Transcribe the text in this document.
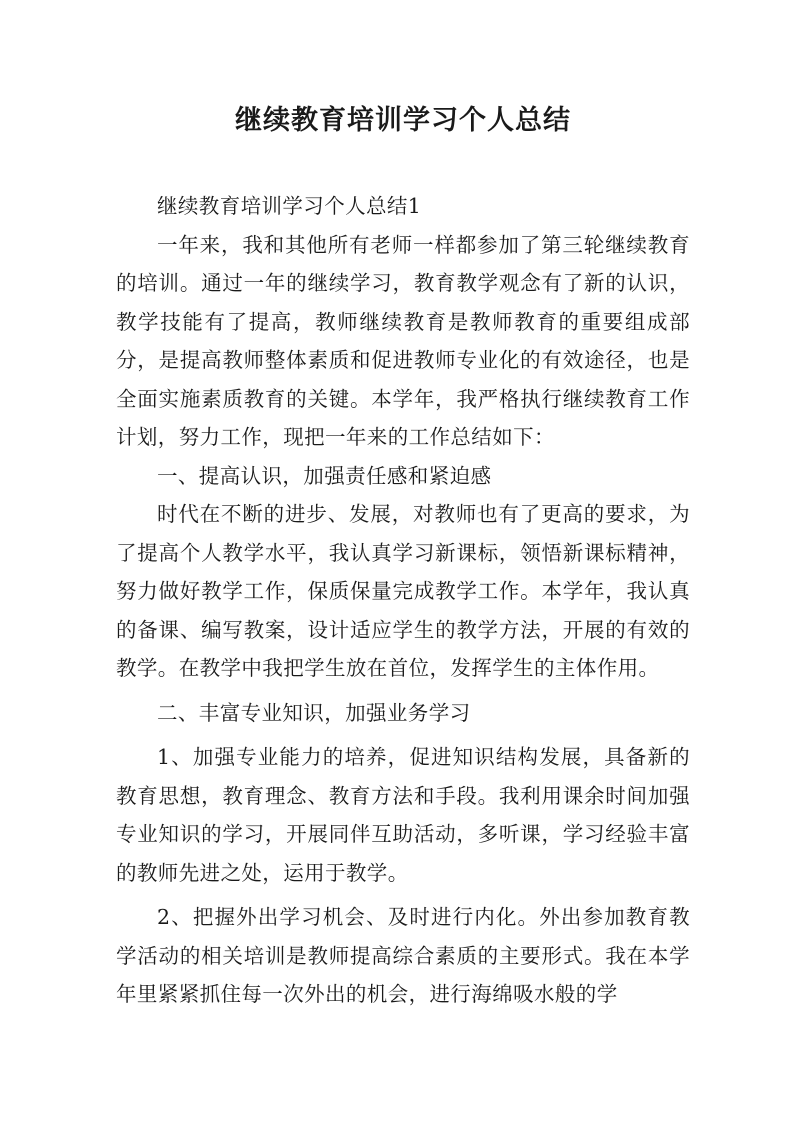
继续教育培训学习个人总结

继续教育培训学习个人总结1

一年来，我和其他所有老师一样都参加了第三轮继续教育的培训。通过一年的继续学习，教育教学观念有了新的认识，教学技能有了提高，教师继续教育是教师教育的重要组成部分，是提高教师整体素质和促进教师专业化的有效途径，也是全面实施素质教育的关键。本学年，我严格执行继续教育工作计划，努力工作，现把一年来的工作总结如下：

一、提高认识，加强责任感和紧迫感

时代在不断的进步、发展，对教师也有了更高的要求，为了提高个人教学水平，我认真学习新课标，领悟新课标精神，努力做好教学工作，保质保量完成教学工作。本学年，我认真的备课、编写教案，设计适应学生的教学方法，开展的有效的教学。在教学中我把学生放在首位，发挥学生的主体作用。

二、丰富专业知识，加强业务学习

1、加强专业能力的培养，促进知识结构发展，具备新的教育思想，教育理念、教育方法和手段。我利用课余时间加强专业知识的学习，开展同伴互助活动，多听课，学习经验丰富的教师先进之处，运用于教学。

2、把握外出学习机会、及时进行内化。外出参加教育教学活动的相关培训是教师提高综合素质的主要形式。我在本学年里紧紧抓住每一次外出的机会，进行海绵吸水般的学
